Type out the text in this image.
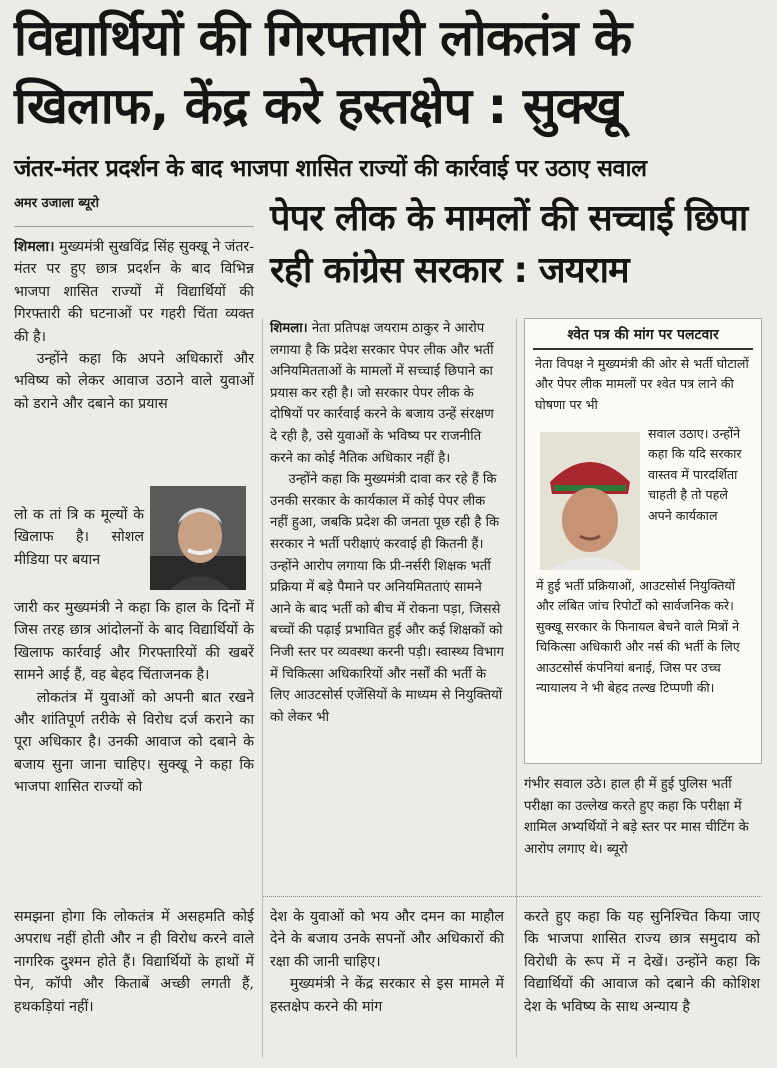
विद्यार्थियों की गिरफ्तारी लोकतंत्र के खिलाफ, केंद्र करे हस्तक्षेप : सुक्खू
जंतर-मंतर प्रदर्शन के बाद भाजपा शासित राज्यों की कार्रवाई पर उठाए सवाल
अमर उजाला ब्यूरो	पेपर लीक के मामलों की सच्चाई छिपा रही कांग्रेस सरकार : जयराम

शिमला। मुख्यमंत्री सुखविंद्र सिंह सुक्खू ने जंतर-मंतर पर हुए छात्र प्रदर्शन के बाद विभिन्न भाजपा शासित राज्यों में विद्यार्थियों की गिरफ्तारी की घटनाओं पर गहरी चिंता व्यक्त की है।

उन्होंने कहा कि अपने अधिकारों और भविष्य को लेकर आवाज उठाने वाले युवाओं को डराने और दबाने का प्रयास

लो क तां त्रि क मूल्यों के खिलाफ है। सोशल मीडिया पर बयान

जारी कर मुख्यमंत्री ने कहा कि हाल के दिनों में जिस तरह छात्र आंदोलनों के बाद विद्यार्थियों के खिलाफ कार्रवाई और गिरफ्तारियों की खबरें सामने आई हैं, वह बेहद चिंताजनक है।

लोकतंत्र में युवाओं को अपनी बात रखने और शांतिपूर्ण तरीके से विरोध दर्ज कराने का पूरा अधिकार है। उनकी आवाज को दबाने के बजाय सुना जाना चाहिए। सुक्खू ने कहा कि भाजपा शासित राज्यों को

शिमला। नेता प्रतिपक्ष जयराम ठाकुर ने आरोप लगाया है कि प्रदेश सरकार पेपर लीक और भर्ती अनियमितताओं के मामलों में सच्चाई छिपाने का प्रयास कर रही है। जो सरकार पेपर लीक के दोषियों पर कार्रवाई करने के बजाय उन्हें संरक्षण दे रही है, उसे युवाओं के भविष्य पर राजनीति करने का कोई नैतिक अधिकार नहीं है।

उन्होंने कहा कि मुख्यमंत्री दावा कर रहे हैं कि उनकी सरकार के कार्यकाल में कोई पेपर लीक नहीं हुआ, जबकि प्रदेश की जनता पूछ रही है कि सरकार ने भर्ती परीक्षाएं करवाई ही कितनी हैं। उन्होंने आरोप लगाया कि प्री-नर्सरी शिक्षक भर्ती प्रक्रिया में बड़े पैमाने पर अनियमितताएं सामने आने के बाद भर्ती को बीच में रोकना पड़ा, जिससे बच्चों की पढ़ाई प्रभावित हुई और कई शिक्षकों को निजी स्तर पर व्यवस्था करनी पड़ी। स्वास्थ्य विभाग में चिकित्सा अधिकारियों और नर्सों की भर्ती के लिए आउटसोर्स एजेंसियों के माध्यम से नियुक्तियों को लेकर भी

श्वेत पत्र की मांग पर पलटवार
नेता विपक्ष ने मुख्यमंत्री की ओर से भर्ती घोटालों और पेपर लीक मामलों पर श्वेत पत्र लाने की घोषणा पर भी
सवाल उठाए। उन्होंने कहा कि यदि सरकार वास्तव में पारदर्शिता चाहती है तो पहले अपने कार्यकाल
में हुई भर्ती प्रक्रियाओं, आउटसोर्स नियुक्तियों और लंबित जांच रिपोर्टों को सार्वजनिक करे। सुक्खू सरकार के फिनायल बेचने वाले मित्रों ने चिकित्सा अधिकारी और नर्स की भर्ती के लिए आउटसोर्स कंपनियां बनाई, जिस पर उच्च न्यायालय ने भी बेहद तल्ख टिप्पणी की।
गंभीर सवाल उठे। हाल ही में हुई पुलिस भर्ती परीक्षा का उल्लेख करते हुए कहा कि परीक्षा में शामिल अभ्यर्थियों ने बड़े स्तर पर मास चीटिंग के आरोप लगाए थे। ब्यूरो
समझना होगा कि लोकतंत्र में असहमति कोई अपराध नहीं होती और न ही विरोध करने वाले नागरिक दुश्मन होते हैं। विद्यार्थियों के हाथों में पेन, कॉपी और किताबें अच्छी लगती हैं, हथकड़ियां नहीं।
देश के युवाओं को भय और दमन का माहौल देने के बजाय उनके सपनों और अधिकारों की रक्षा की जानी चाहिए।
मुख्यमंत्री ने केंद्र सरकार से इस मामले में हस्तक्षेप करने की मांग
करते हुए कहा कि यह सुनिश्चित किया जाए कि भाजपा शासित राज्य छात्र समुदाय को विरोधी के रूप में न देखें। उन्होंने कहा कि विद्यार्थियों की आवाज को दबाने की कोशिश देश के भविष्य के साथ अन्याय है
